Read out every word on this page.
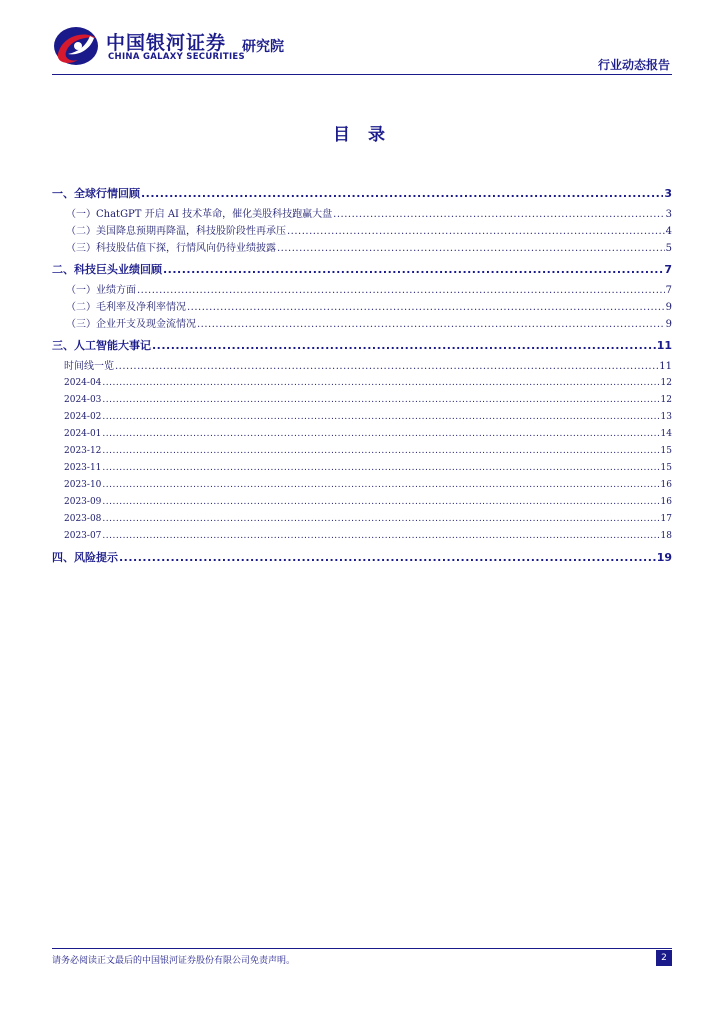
中国银河证券
CHINA GALAXY SECURITIES
研究院
行业动态报告
目 录
一、全球行情回顾 .....	3
（一）ChatGPT 开启 AI 技术革命，催化美股科技跑赢大盘 .....	3
（二）美国降息预期再降温，科技股阶段性再承压 .....	4
（三）科技股估值下探，行情风向仍待业绩披露 .....	5
二、科技巨头业绩回顾 .....	7
（一）业绩方面 .....	7
（二）毛利率及净利率情况 .....	9
（三）企业开支及现金流情况 .....	9
三、人工智能大事记 .....	11
时间线一览 .....	11
2024-04 .....	12
2024-03 .....	12
2024-02 .....	13
2024-01 .....	14
2023-12 .....	15
2023-11 .....	15
2023-10 .....	16
2023-09 .....	16
2023-08 .....	17
2023-07 .....	18
四、风险提示 .....	19
请务必阅读正文最后的中国银河证券股份有限公司免责声明。	2
